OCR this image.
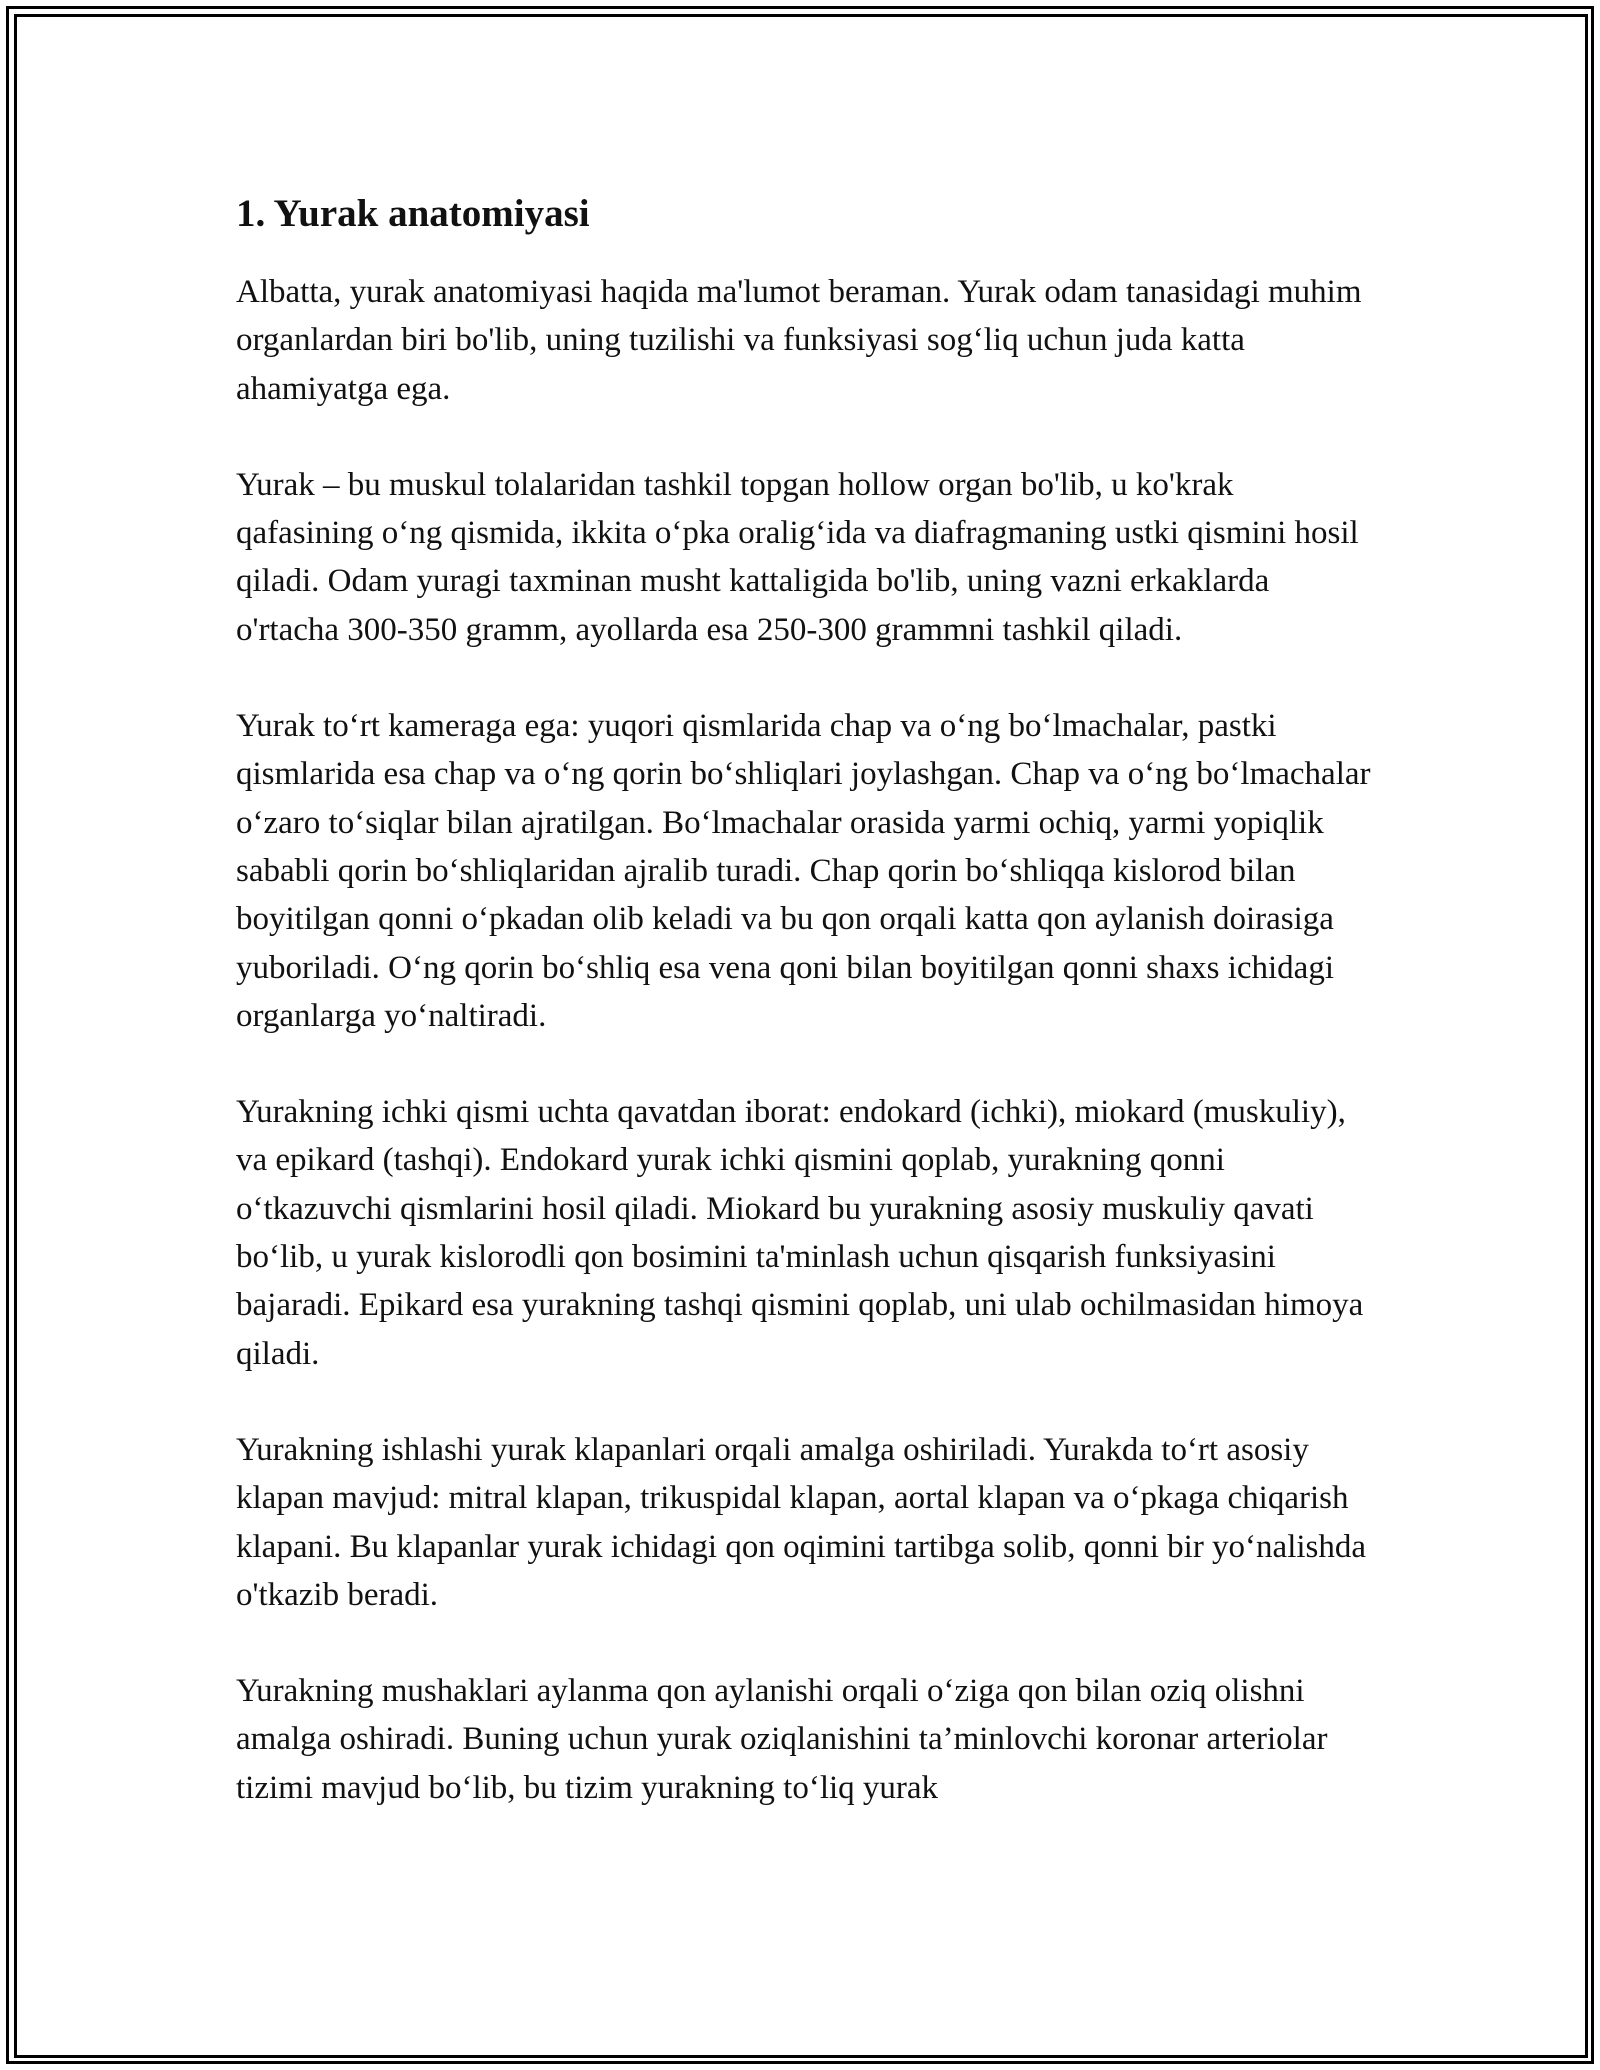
1. Yurak anatomiyasi

Albatta, yurak anatomiyasi haqida ma'lumot beraman. Yurak odam tanasidagi muhim organlardan biri bo'lib, uning tuzilishi va funksiyasi sog‘liq uchun juda katta ahamiyatga ega.

Yurak – bu muskul tolalaridan tashkil topgan hollow organ bo'lib, u ko'krak qafasining o‘ng qismida, ikkita o‘pka oralig‘ida va diafragmaning ustki qismini hosil qiladi. Odam yuragi taxminan musht kattaligida bo'lib, uning vazni erkaklarda o'rtacha 300-350 gramm, ayollarda esa 250-300 grammni tashkil qiladi.

Yurak to‘rt kameraga ega: yuqori qismlarida chap va o‘ng bo‘lmachalar, pastki qismlarida esa chap va o‘ng qorin bo‘shliqlari joylashgan. Chap va o‘ng bo‘lmachalar o‘zaro to‘siqlar bilan ajratilgan. Bo‘lmachalar orasida yarmi ochiq, yarmi yopiqlik sababli qorin bo‘shliqlaridan ajralib turadi. Chap qorin bo‘shliqqa kislorod bilan boyitilgan qonni o‘pkadan olib keladi va bu qon orqali katta qon aylanish doirasiga yuboriladi. O‘ng qorin bo‘shliq esa vena qoni bilan boyitilgan qonni shaxs ichidagi organlarga yo‘naltiradi.

Yurakning ichki qismi uchta qavatdan iborat: endokard (ichki), miokard (muskuliy), va epikard (tashqi). Endokard yurak ichki qismini qoplab, yurakning qonni o‘tkazuvchi qismlarini hosil qiladi. Miokard bu yurakning asosiy muskuliy qavati bo‘lib, u yurak kislorodli qon bosimini ta'minlash uchun qisqarish funksiyasini bajaradi. Epikard esa yurakning tashqi qismini qoplab, uni ulab ochilmasidan himoya qiladi.

Yurakning ishlashi yurak klapanlari orqali amalga oshiriladi. Yurakda to‘rt asosiy klapan mavjud: mitral klapan, trikuspidal klapan, aortal klapan va o‘pkaga chiqarish klapani. Bu klapanlar yurak ichidagi qon oqimini tartibga solib, qonni bir yo‘nalishda o'tkazib beradi.

Yurakning mushaklari aylanma qon aylanishi orqali o‘ziga qon bilan oziq olishni amalga oshiradi. Buning uchun yurak oziqlanishini ta’minlovchi koronar arteriolar tizimi mavjud bo‘lib, bu tizim yurakning to‘liq yurak
